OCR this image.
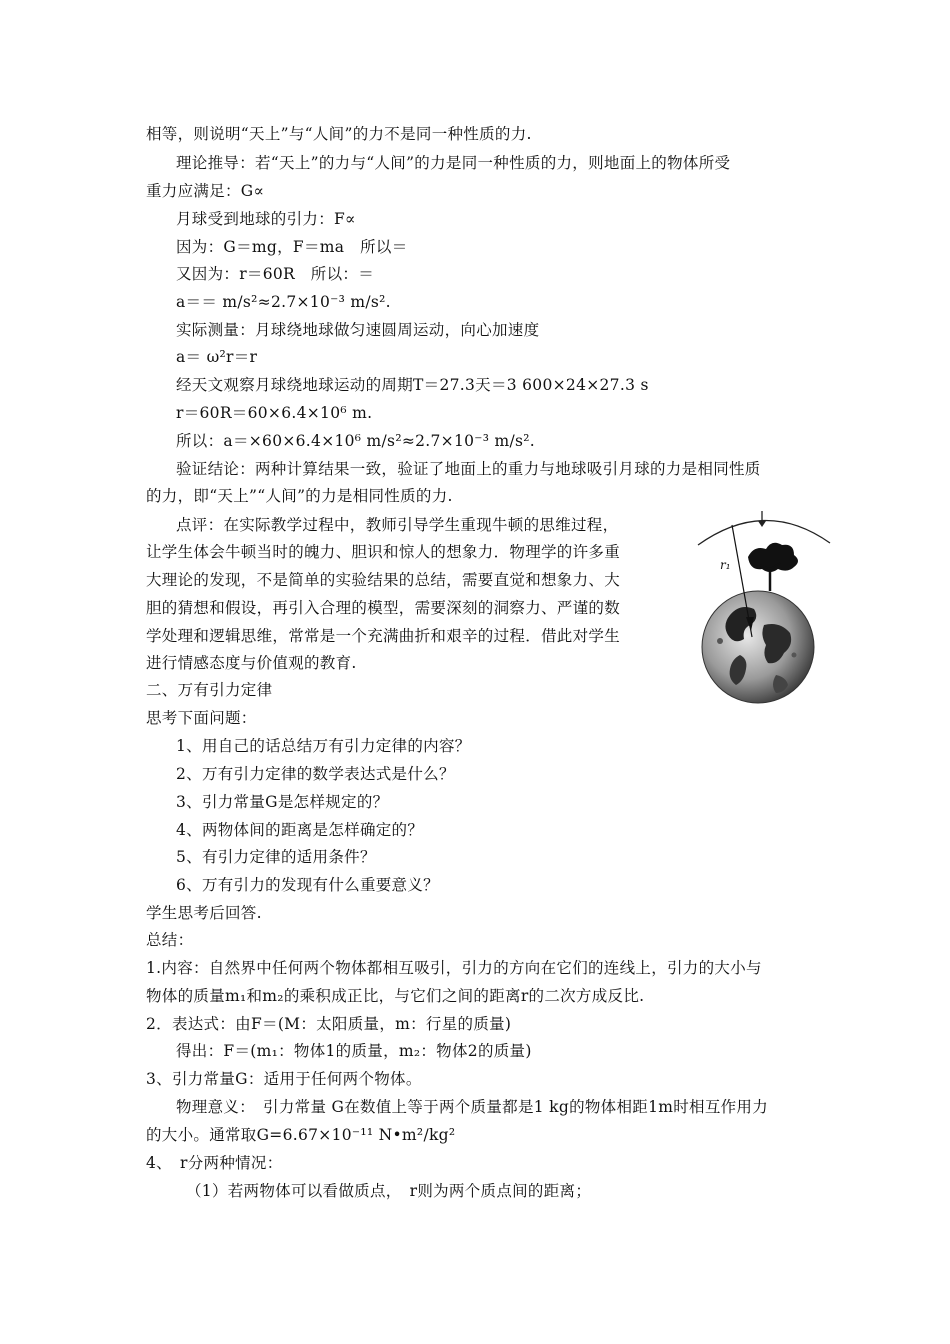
相等，则说明“天上”与“人间”的力不是同一种性质的力.
理论推导：若“天上”的力与“人间”的力是同一种性质的力，则地面上的物体所受
重力应满足：G∝
月球受到地球的引力：F∝
因为：G＝mg，F＝ma　所以＝
又因为：r＝60R　所以：＝
a＝＝ m/s²≈2.7×10⁻³ m/s².
实际测量：月球绕地球做匀速圆周运动，向心加速度
a＝ ω²r＝r
经天文观察月球绕地球运动的周期T＝27.3天＝3 600×24×27.3 s
r＝60R＝60×6.4×10⁶ m.
所以：a＝×60×6.4×10⁶ m/s²≈2.7×10⁻³ m/s².
验证结论：两种计算结果一致，验证了地面上的重力与地球吸引月球的力是相同性质
的力，即“天上”“人间”的力是相同性质的力.
点评：在实际教学过程中，教师引导学生重现牛顿的思维过程，
让学生体会牛顿当时的魄力、胆识和惊人的想象力．物理学的许多重
大理论的发现，不是简单的实验结果的总结，需要直觉和想象力、大
胆的猜想和假设，再引入合理的模型，需要深刻的洞察力、严谨的数
学处理和逻辑思维，常常是一个充满曲折和艰辛的过程．借此对学生
进行情感态度与价值观的教育.
二、万有引力定律
思考下面问题：
1、用自己的话总结万有引力定律的内容？
2、万有引力定律的数学表达式是什么？
3、引力常量G是怎样规定的？
4、两物体间的距离是怎样确定的？
5、有引力定律的适用条件？
6、万有引力的发现有什么重要意义？
学生思考后回答.
总结：
1.内容：自然界中任何两个物体都相互吸引，引力的方向在它们的连线上，引力的大小与
物体的质量m₁和m₂的乘积成正比，与它们之间的距离r的二次方成反比.
2．表达式：由F＝(M：太阳质量，m：行星的质量)
得出：F＝(m₁：物体1的质量，m₂：物体2的质量)
3、引力常量G：适用于任何两个物体。
物理意义：　引力常量 G在数值上等于两个质量都是1 kg的物体相距1m时相互作用力
的大小。通常取G=6.67×10⁻¹¹ N•m²/kg²
4、　r分两种情况：
（1）若两物体可以看做质点，　r则为两个质点间的距离；
r₁
